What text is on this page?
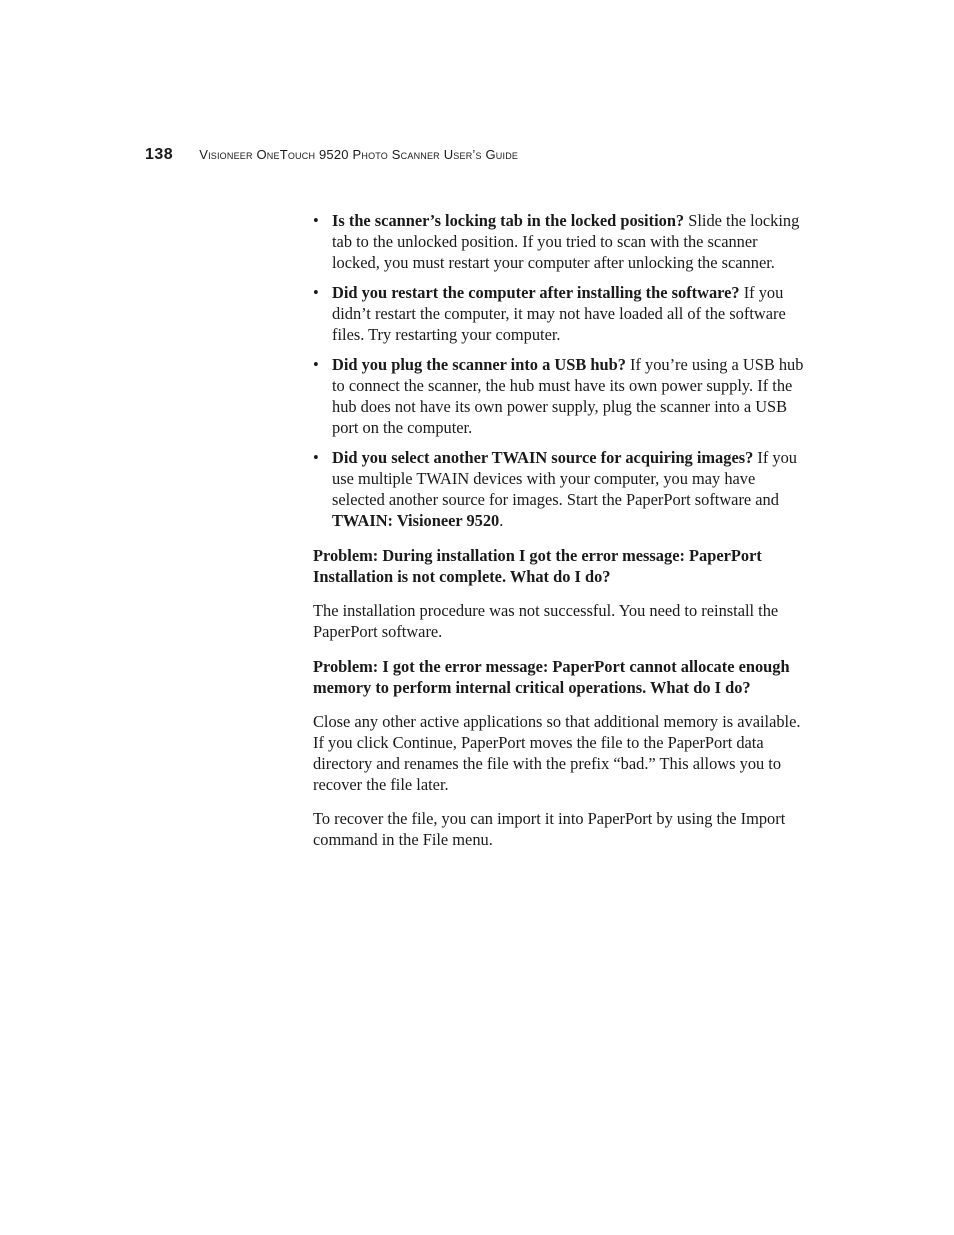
138 Visioneer OneTouch 9520 Photo Scanner User’s Guide
• Is the scanner’s locking tab in the locked position? Slide the locking tab to the unlocked position. If you tried to scan with the scanner locked, you must restart your computer after unlocking the scanner.
• Did you restart the computer after installing the software? If you didn’t restart the computer, it may not have loaded all of the software files. Try restarting your computer.
• Did you plug the scanner into a USB hub? If you’re using a USB hub to connect the scanner, the hub must have its own power supply. If the hub does not have its own power supply, plug the scanner into a USB port on the computer.
• Did you select another TWAIN source for acquiring images? If you use multiple TWAIN devices with your computer, you may have selected another source for images. Start the PaperPort software and TWAIN: Visioneer 9520.

Problem: During installation I got the error message: PaperPort Installation is not complete. What do I do?

The installation procedure was not successful. You need to reinstall the PaperPort software.

Problem: I got the error message: PaperPort cannot allocate enough memory to perform internal critical operations. What do I do?

Close any other active applications so that additional memory is available. If you click Continue, PaperPort moves the file to the PaperPort data directory and renames the file with the prefix “bad.” This allows you to recover the file later.

To recover the file, you can import it into PaperPort by using the Import command in the File menu.
